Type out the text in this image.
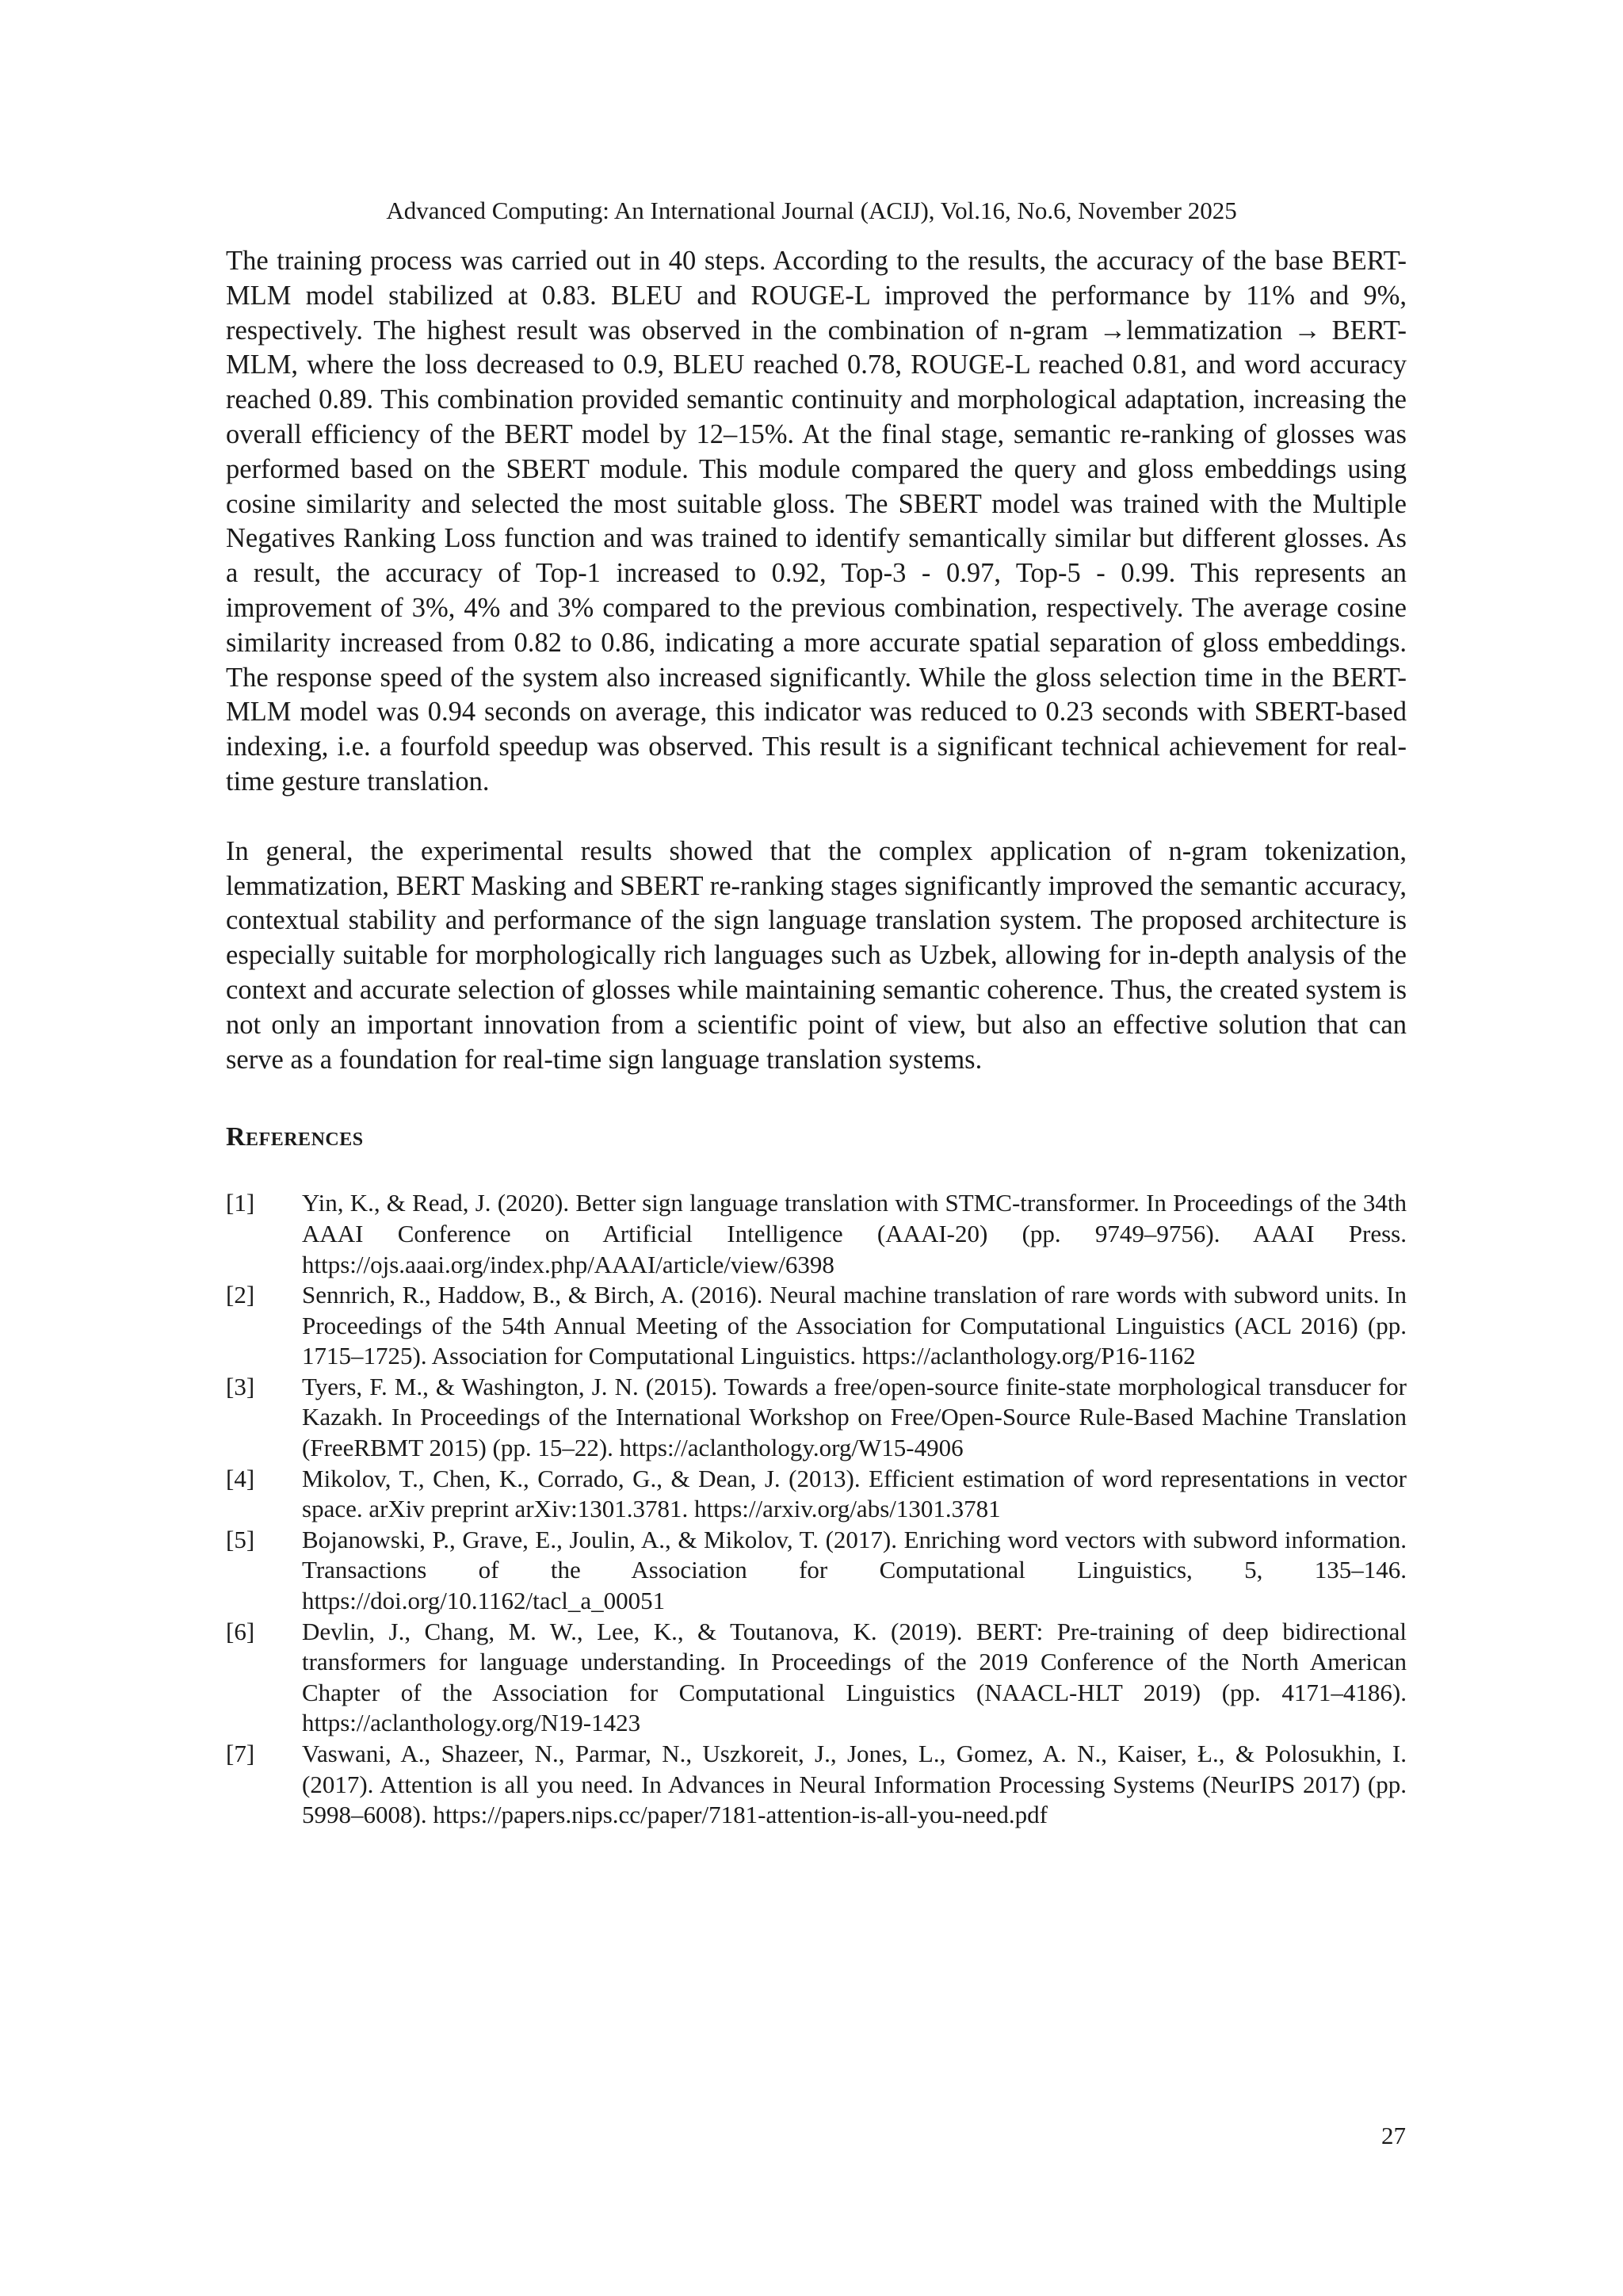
Advanced Computing: An International Journal (ACIJ), Vol.16, No.6, November 2025

The training process was carried out in 40 steps. According to the results, the accuracy of the base BERT-MLM model stabilized at 0.83. BLEU and ROUGE-L improved the performance by 11% and 9%, respectively. The highest result was observed in the combination of n-gram →lemmatization → BERT-MLM, where the loss decreased to 0.9, BLEU reached 0.78, ROUGE-L reached 0.81, and word accuracy reached 0.89. This combination provided semantic continuity and morphological adaptation, increasing the overall efficiency of the BERT model by 12–15%. At the final stage, semantic re-ranking of glosses was performed based on the SBERT module. This module compared the query and gloss embeddings using cosine similarity and selected the most suitable gloss. The SBERT model was trained with the Multiple Negatives Ranking Loss function and was trained to identify semantically similar but different glosses. As a result, the accuracy of Top-1 increased to 0.92, Top-3 - 0.97, Top-5 - 0.99. This represents an improvement of 3%, 4% and 3% compared to the previous combination, respectively. The average cosine similarity increased from 0.82 to 0.86, indicating a more accurate spatial separation of gloss embeddings. The response speed of the system also increased significantly. While the gloss selection time in the BERT-MLM model was 0.94 seconds on average, this indicator was reduced to 0.23 seconds with SBERT-based indexing, i.e. a fourfold speedup was observed. This result is a significant technical achievement for real-time gesture translation.

In general, the experimental results showed that the complex application of n-gram tokenization, lemmatization, BERT Masking and SBERT re-ranking stages significantly improved the semantic accuracy, contextual stability and performance of the sign language translation system. The proposed architecture is especially suitable for morphologically rich languages such as Uzbek, allowing for in-depth analysis of the context and accurate selection of glosses while maintaining semantic coherence. Thus, the created system is not only an important innovation from a scientific point of view, but also an effective solution that can serve as a foundation for real-time sign language translation systems.

References
[1]	Yin, K., & Read, J. (2020). Better sign language translation with STMC-transformer. In Proceedings of the 34th AAAI Conference on Artificial Intelligence (AAAI-20) (pp. 9749–9756). AAAI Press. https://ojs.aaai.org/index.php/AAAI/article/view/6398
[2]	Sennrich, R., Haddow, B., & Birch, A. (2016). Neural machine translation of rare words with subword units. In Proceedings of the 54th Annual Meeting of the Association for Computational Linguistics (ACL 2016) (pp. 1715–1725). Association for Computational Linguistics. https://aclanthology.org/P16-1162
[3]	Tyers, F. M., & Washington, J. N. (2015). Towards a free/open-source finite-state morphological transducer for Kazakh. In Proceedings of the International Workshop on Free/Open-Source Rule-Based Machine Translation (FreeRBMT 2015) (pp. 15–22). https://aclanthology.org/W15-4906
[4]	Mikolov, T., Chen, K., Corrado, G., & Dean, J. (2013). Efficient estimation of word representations in vector space. arXiv preprint arXiv:1301.3781. https://arxiv.org/abs/1301.3781
[5]	Bojanowski, P., Grave, E., Joulin, A., & Mikolov, T. (2017). Enriching word vectors with subword information. Transactions of the Association for Computational Linguistics, 5, 135–146. https://doi.org/10.1162/tacl_a_00051
[6]	Devlin, J., Chang, M. W., Lee, K., & Toutanova, K. (2019). BERT: Pre-training of deep bidirectional transformers for language understanding. In Proceedings of the 2019 Conference of the North American Chapter of the Association for Computational Linguistics (NAACL-HLT 2019) (pp. 4171–4186). https://aclanthology.org/N19-1423
[7]	Vaswani, A., Shazeer, N., Parmar, N., Uszkoreit, J., Jones, L., Gomez, A. N., Kaiser, Ł., & Polosukhin, I. (2017). Attention is all you need. In Advances in Neural Information Processing Systems (NeurIPS 2017) (pp. 5998–6008). https://papers.nips.cc/paper/7181-attention-is-all-you-need.pdf
27
